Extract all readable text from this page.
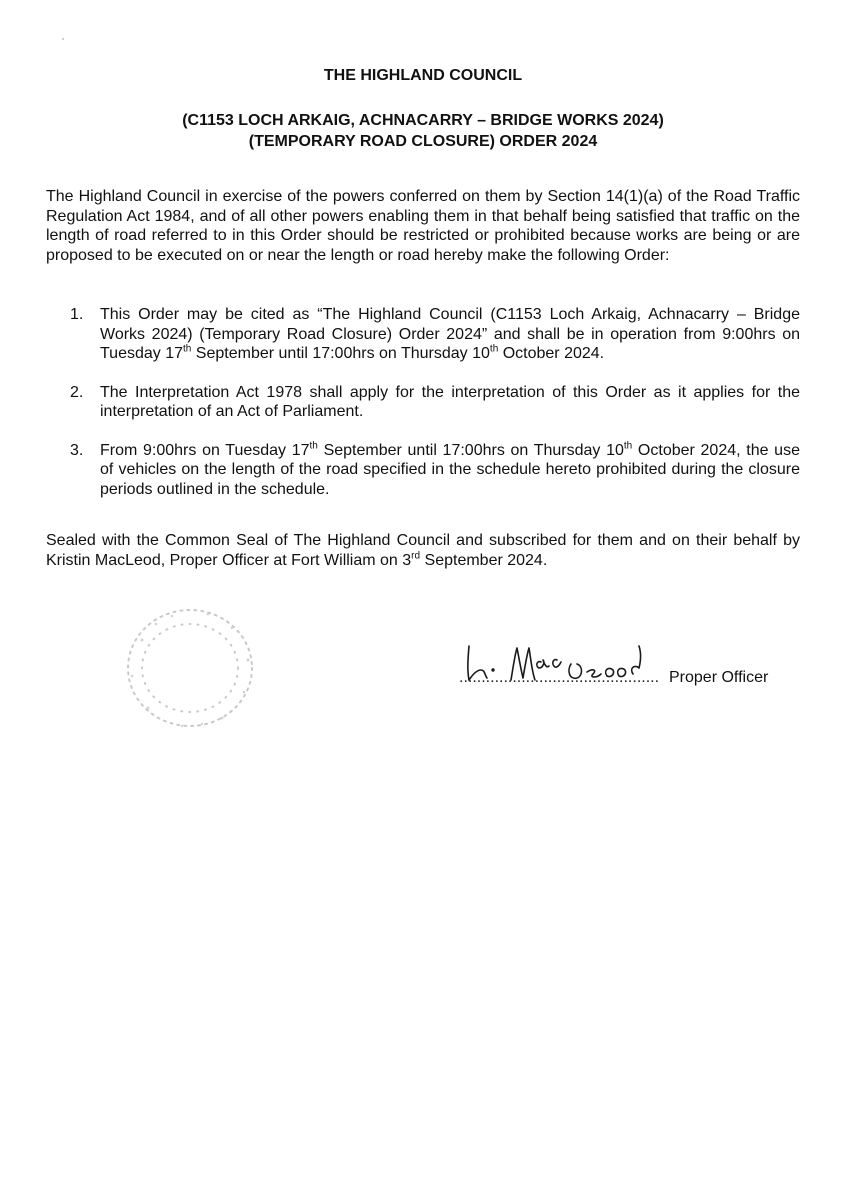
THE HIGHLAND COUNCIL
(C1153 LOCH ARKAIG, ACHNACARRY – BRIDGE WORKS 2024)
(TEMPORARY ROAD CLOSURE) ORDER 2024
The Highland Council in exercise of the powers conferred on them by Section 14(1)(a) of the Road Traffic Regulation Act 1984, and of all other powers enabling them in that behalf being satisfied that traffic on the length of road referred to in this Order should be restricted or prohibited because works are being or are proposed to be executed on or near the length or road hereby make the following Order:
1. This Order may be cited as “The Highland Council (C1153 Loch Arkaig, Achnacarry – Bridge Works 2024) (Temporary Road Closure) Order 2024” and shall be in operation from 9:00hrs on Tuesday 17th September until 17:00hrs on Thursday 10th October 2024.
2. The Interpretation Act 1978 shall apply for the interpretation of this Order as it applies for the interpretation of an Act of Parliament.
3. From 9:00hrs on Tuesday 17th September until 17:00hrs on Thursday 10th October 2024, the use of vehicles on the length of the road specified in the schedule hereto prohibited during the closure periods outlined in the schedule.
Sealed with the Common Seal of The Highland Council and subscribed for them and on their behalf by Kristin MacLeod, Proper Officer at Fort William on 3rd September 2024.
............................................. Proper Officer
